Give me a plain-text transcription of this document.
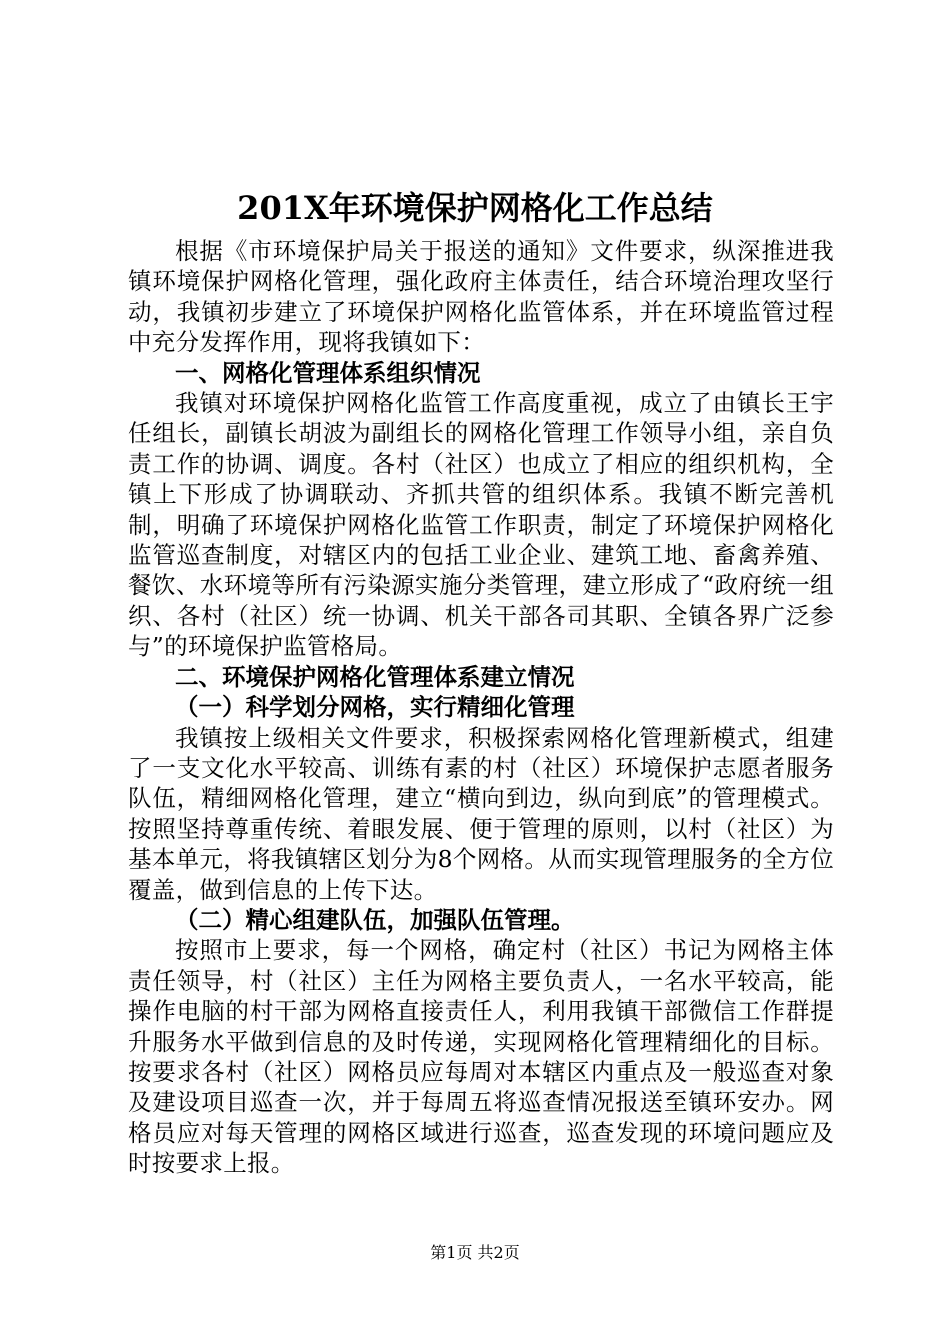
201X年环境保护网格化工作总结

根据《市环境保护局关于报送的通知》文件要求，纵深推进我镇环境保护网格化管理，强化政府主体责任，结合环境治理攻坚行动，我镇初步建立了环境保护网格化监管体系，并在环境监管过程中充分发挥作用，现将我镇如下：

一、网格化管理体系组织情况

我镇对环境保护网格化监管工作高度重视，成立了由镇长王宇任组长，副镇长胡波为副组长的网格化管理工作领导小组，亲自负责工作的协调、调度。各村（社区）也成立了相应的组织机构，全镇上下形成了协调联动、齐抓共管的组织体系。我镇不断完善机制，明确了环境保护网格化监管工作职责，制定了环境保护网格化监管巡查制度，对辖区内的包括工业企业、建筑工地、畜禽养殖、餐饮、水环境等所有污染源实施分类管理，建立形成了“政府统一组织、各村（社区）统一协调、机关干部各司其职、全镇各界广泛参与”的环境保护监管格局。

二、环境保护网格化管理体系建立情况
（一）科学划分网格，实行精细化管理

我镇按上级相关文件要求，积极探索网格化管理新模式，组建了一支文化水平较高、训练有素的村（社区）环境保护志愿者服务队伍，精细网格化管理，建立“横向到边，纵向到底”的管理模式。按照坚持尊重传统、着眼发展、便于管理的原则，以村（社区）为基本单元，将我镇辖区划分为8个网格。从而实现管理服务的全方位覆盖，做到信息的上传下达。

（二）精心组建队伍，加强队伍管理。

按照市上要求，每一个网格，确定村（社区）书记为网格主体责任领导，村（社区）主任为网格主要负责人，一名水平较高，能操作电脑的村干部为网格直接责任人，利用我镇干部微信工作群提升服务水平做到信息的及时传递，实现网格化管理精细化的目标。按要求各村（社区）网格员应每周对本辖区内重点及一般巡查对象及建设项目巡查一次，并于每周五将巡查情况报送至镇环安办。网格员应对每天管理的网格区域进行巡查，巡查发现的环境问题应及时按要求上报。

第1页 共2页
